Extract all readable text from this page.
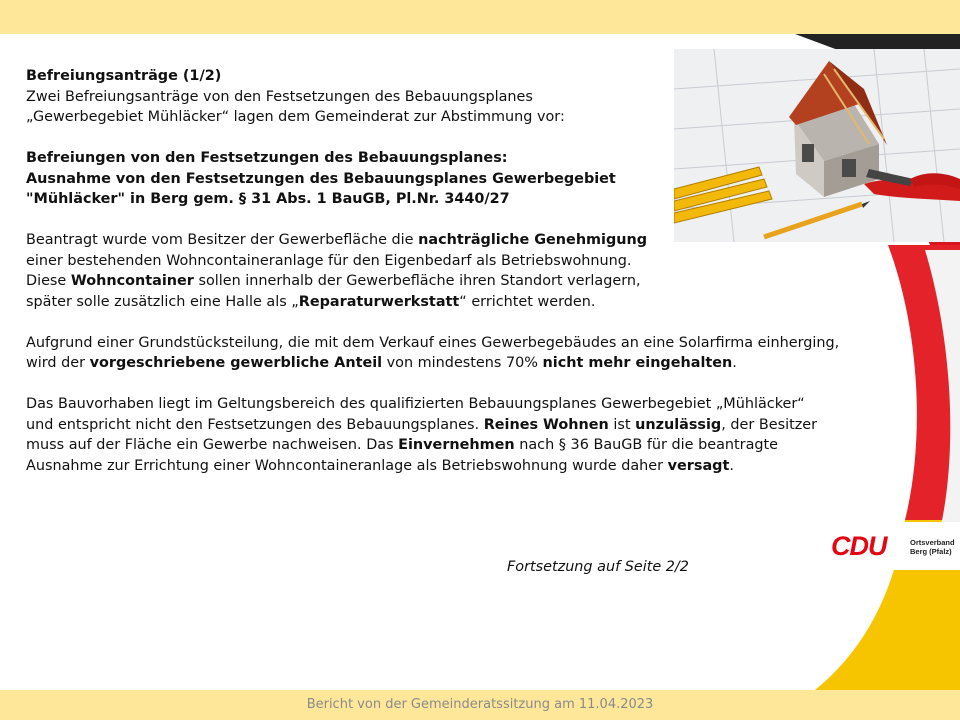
Befreiungsanträge (1/2)
Zwei Befreiungsanträge von den Festsetzungen des Bebauungsplanes
„Gewerbegebiet Mühläcker“ lagen dem Gemeinderat zur Abstimmung vor:

Befreiungen von den Festsetzungen des Bebauungsplanes:
Ausnahme von den Festsetzungen des Bebauungsplanes Gewerbegebiet
"Mühläcker" in Berg gem. § 31 Abs. 1 BauGB, Pl.Nr. 3440/27

Beantragt wurde vom Besitzer der Gewerbefläche die nachträgliche Genehmigung
einer bestehenden Wohncontaineranlage für den Eigenbedarf als Betriebswohnung.
Diese Wohncontainer sollen innerhalb der Gewerbefläche ihren Standort verlagern,
später solle zusätzlich eine Halle als „Reparaturwerkstatt“ errichtet werden.

Aufgrund einer Grundstücksteilung, die mit dem Verkauf eines Gewerbegebäudes an eine Solarfirma einherging,
wird der vorgeschriebene gewerbliche Anteil von mindestens 70% nicht mehr eingehalten.

Das Bauvorhaben liegt im Geltungsbereich des qualifizierten Bebauungsplanes Gewerbegebiet „Mühläcker“
und entspricht nicht den Festsetzungen des Bebauungsplanes. Reines Wohnen ist unzulässig, der Besitzer
muss auf der Fläche ein Gewerbe nachweisen. Das Einvernehmen nach § 36 BauGB für die beantragte
Ausnahme zur Errichtung einer Wohncontaineranlage als Betriebswohnung wurde daher versagt.

Fortsetzung auf Seite 2/2
CDU	Ortsverband
Berg (Pfalz)
Bericht von der Gemeinderatssitzung am 11.04.2023
